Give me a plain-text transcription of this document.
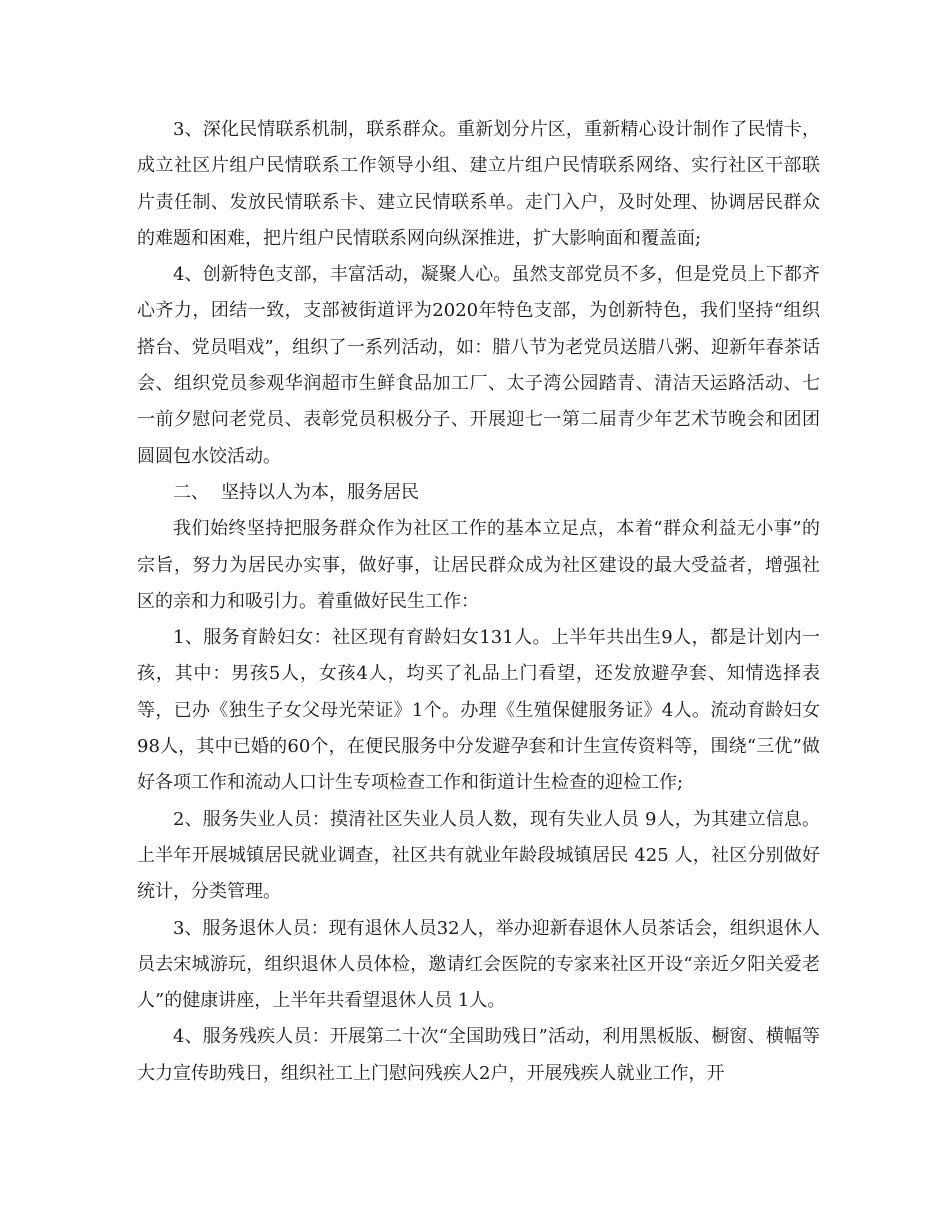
3、深化民情联系机制，联系群众。重新划分片区，重新精心设计制作了民情卡，成立社区片组户民情联系工作领导小组、建立片组户民情联系网络、实行社区干部联片责任制、发放民情联系卡、建立民情联系单。走门入户，及时处理、协调居民群众的难题和困难，把片组户民情联系网向纵深推进，扩大影响面和覆盖面;

4、创新特色支部，丰富活动，凝聚人心。虽然支部党员不多，但是党员上下都齐心齐力，团结一致，支部被街道评为2020年特色支部，为创新特色，我们坚持“组织搭台、党员唱戏”，组织了一系列活动，如：腊八节为老党员送腊八粥、迎新年春茶话会、组织党员参观华润超市生鲜食品加工厂、太子湾公园踏青、清洁天运路活动、七一前夕慰问老党员、表彰党员积极分子、开展迎七一第二届青少年艺术节晚会和团团圆圆包水饺活动。

二、 坚持以人为本，服务居民

我们始终坚持把服务群众作为社区工作的基本立足点，本着“群众利益无小事”的宗旨，努力为居民办实事，做好事，让居民群众成为社区建设的最大受益者，增强社区的亲和力和吸引力。着重做好民生工作：

1、服务育龄妇女：社区现有育龄妇女131人。上半年共出生9人，都是计划内一孩，其中：男孩5人，女孩4人，均买了礼品上门看望，还发放避孕套、知情选择表等，已办《独生子女父母光荣证》1个。办理《生殖保健服务证》4人。流动育龄妇女98人，其中已婚的60个，在便民服务中分发避孕套和计生宣传资料等，围绕“三优”做好各项工作和流动人口计生专项检查工作和街道计生检查的迎检工作;

2、服务失业人员：摸清社区失业人员人数，现有失业人员 9人，为其建立信息。上半年开展城镇居民就业调查，社区共有就业年龄段城镇居民 425 人，社区分别做好统计，分类管理。

3、服务退休人员：现有退休人员32人，举办迎新春退休人员茶话会，组织退休人员去宋城游玩，组织退休人员体检，邀请红会医院的专家来社区开设“亲近夕阳关爱老人”的健康讲座，上半年共看望退休人员 1人。

4、服务残疾人员：开展第二十次“全国助残日”活动，利用黑板版、橱窗、横幅等大力宣传助残日，组织社工上门慰问残疾人2户，开展残疾人就业工作，开
